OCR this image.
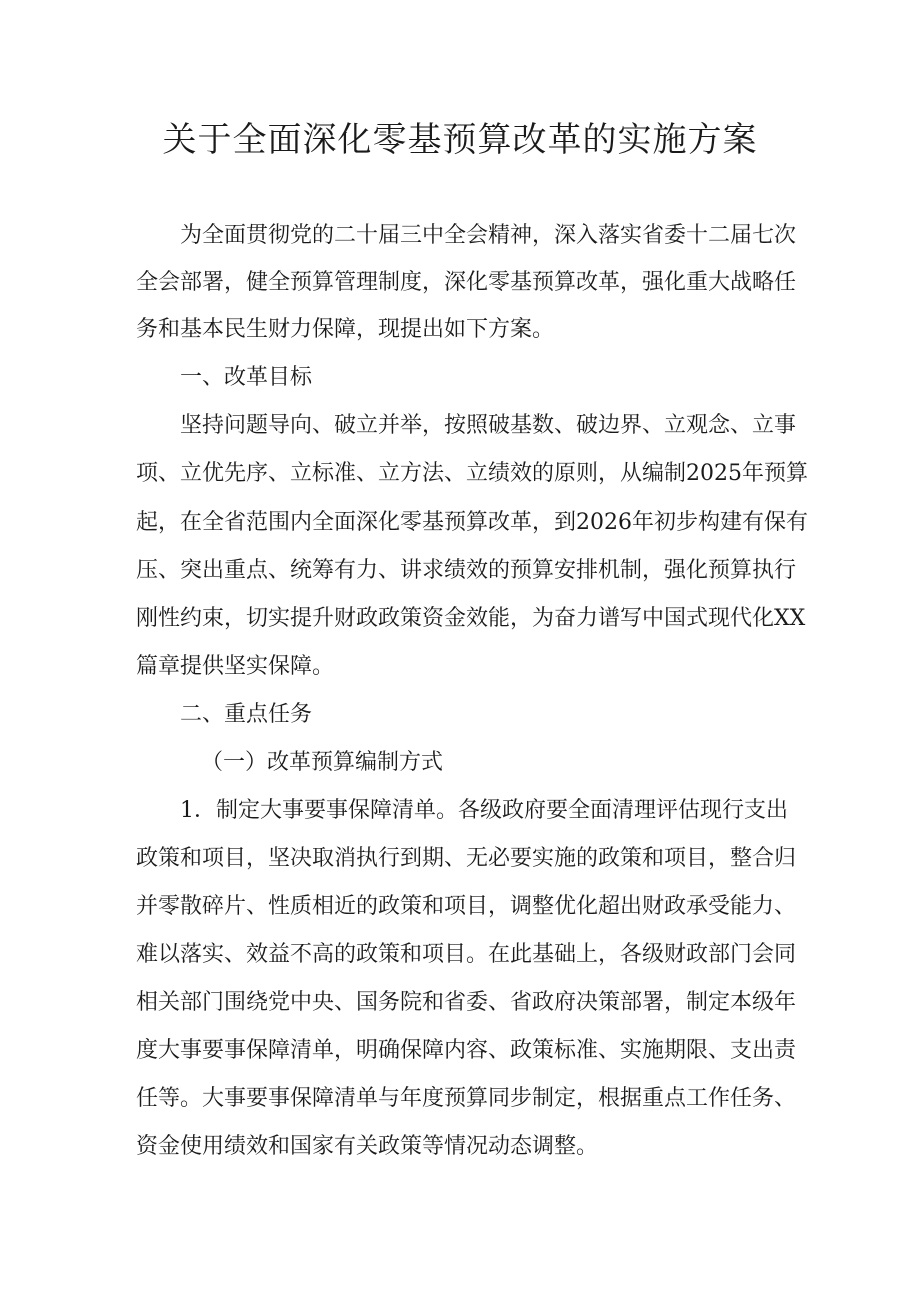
关于全面深化零基预算改革的实施方案

为全面贯彻党的二十届三中全会精神，深入落实省委十二届七次

全会部署，健全预算管理制度，深化零基预算改革，强化重大战略任

务和基本民生财力保障，现提出如下方案。

一、改革目标

坚持问题导向、破立并举，按照破基数、破边界、立观念、立事

项、立优先序、立标准、立方法、立绩效的原则，从编制2025年预算

起，在全省范围内全面深化零基预算改革，到2026年初步构建有保有

压、突出重点、统筹有力、讲求绩效的预算安排机制，强化预算执行

刚性约束，切实提升财政政策资金效能，为奋力谱写中国式现代化XX

篇章提供坚实保障。

二、重点任务

（一）改革预算编制方式

1．制定大事要事保障清单。各级政府要全面清理评估现行支出

政策和项目，坚决取消执行到期、无必要实施的政策和项目，整合归

并零散碎片、性质相近的政策和项目，调整优化超出财政承受能力、

难以落实、效益不高的政策和项目。在此基础上，各级财政部门会同

相关部门围绕党中央、国务院和省委、省政府决策部署，制定本级年

度大事要事保障清单，明确保障内容、政策标准、实施期限、支出责

任等。大事要事保障清单与年度预算同步制定，根据重点工作任务、

资金使用绩效和国家有关政策等情况动态调整。
